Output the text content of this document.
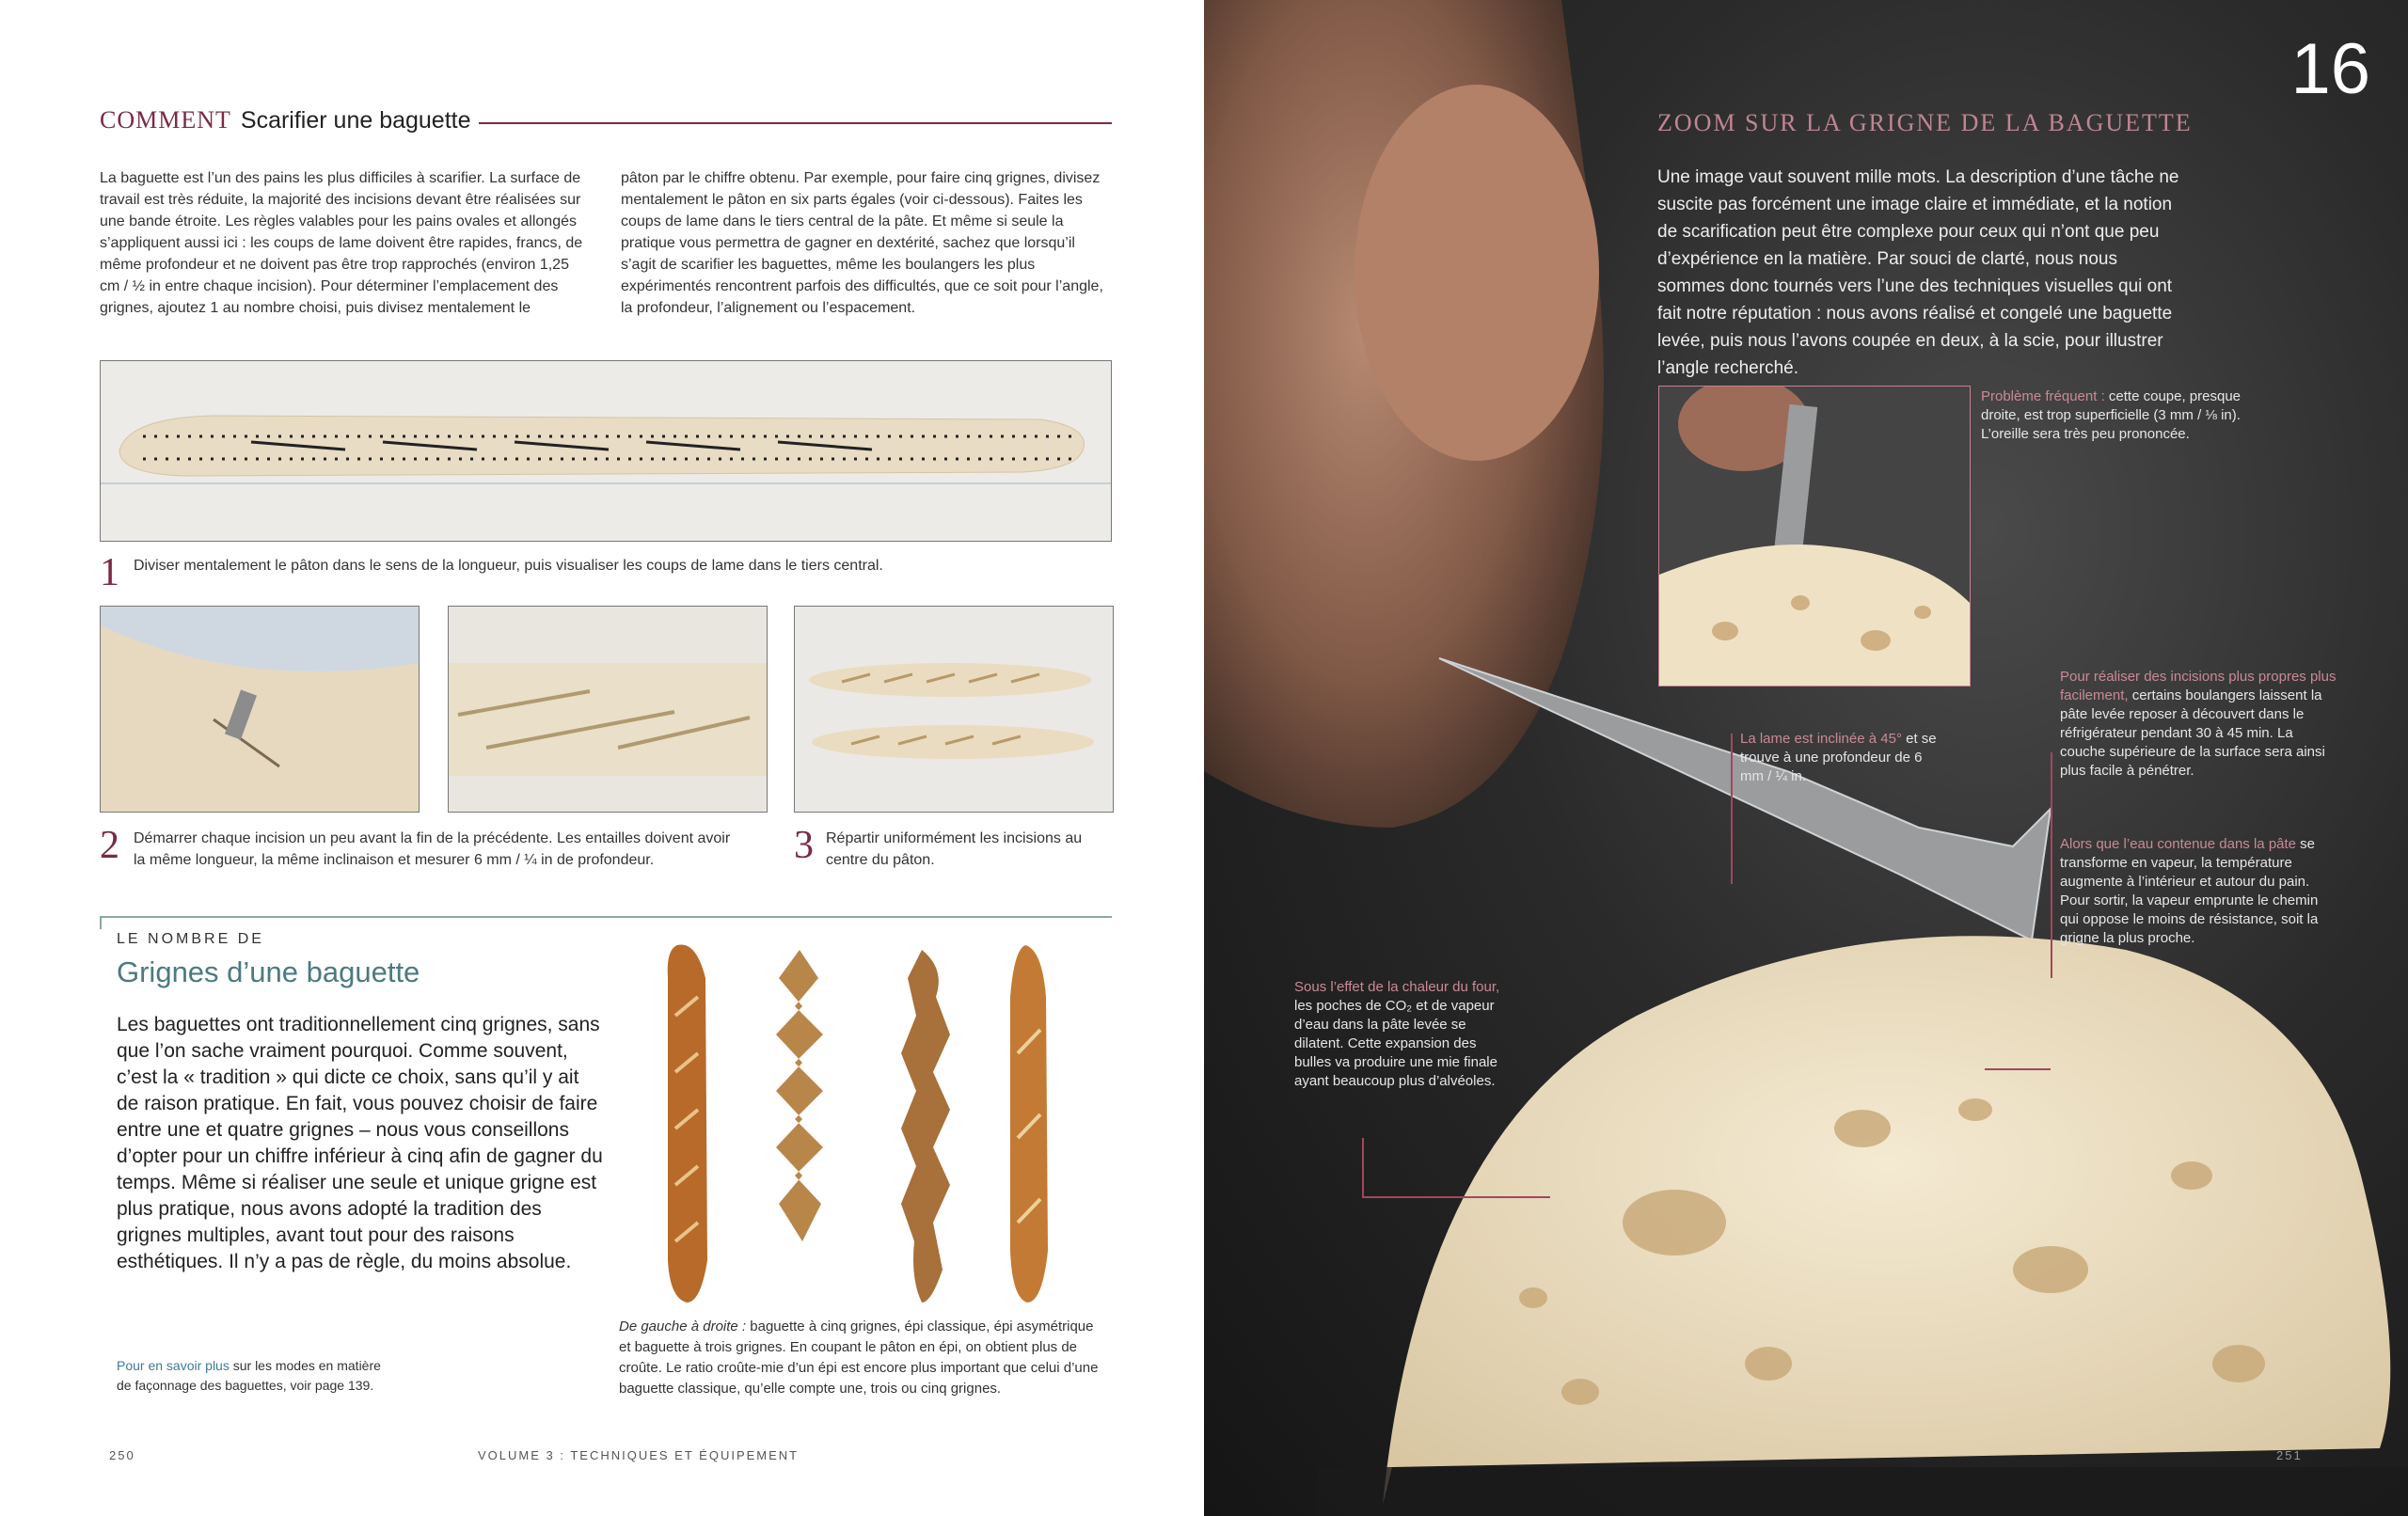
COMMENT Scarifier une baguette
La baguette est l’un des pains les plus difficiles à scarifier. La surface de travail est très réduite, la majorité des incisions devant être réalisées sur une bande étroite. Les règles valables pour les pains ovales et allongés s’appliquent aussi ici : les coups de lame doivent être rapides, francs, de même profondeur et ne doivent pas être trop rapprochés (environ 1,25 cm / ½ in entre chaque incision). Pour déterminer l’emplacement des grignes, ajoutez 1 au nombre choisi, puis divisez mentalement le
pâton par le chiffre obtenu. Par exemple, pour faire cinq grignes, divisez mentalement le pâton en six parts égales (voir ci-dessous). Faites les coups de lame dans le tiers central de la pâte. Et même si seule la pratique vous permettra de gagner en dextérité, sachez que lorsqu’il s’agit de scarifier les baguettes, même les boulangers les plus expérimentés rencontrent parfois des difficultés, que ce soit pour l’angle, la profondeur, l’alignement ou l’espacement.
1 Diviser mentalement le pâton dans le sens de la longueur, puis visualiser les coups de lame dans le tiers central.
2 Démarrer chaque incision un peu avant la fin de la précédente. Les entailles doivent avoir la même longueur, la même inclinaison et mesurer 6 mm / ¼ in de profondeur.	3 Répartir uniformément les incisions au centre du pâton.
LE NOMBRE DE
Grignes d’une baguette
Les baguettes ont traditionnellement cinq grignes, sans que l’on sache vraiment pourquoi. Comme souvent, c’est la « tradition » qui dicte ce choix, sans qu’il y ait de raison pratique. En fait, vous pouvez choisir de faire entre une et quatre grignes – nous vous conseillons d’opter pour un chiffre inférieur à cinq afin de gagner du temps. Même si réaliser une seule et unique grigne est plus pratique, nous avons adopté la tradition des grignes multiples, avant tout pour des raisons esthétiques. Il n’y a pas de règle, du moins absolue.
De gauche à droite : baguette à cinq grignes, épi classique, épi asymétrique et baguette à trois grignes. En coupant le pâton en épi, on obtient plus de croûte. Le ratio croûte-mie d’un épi est encore plus important que celui d’une baguette classique, qu’elle compte une, trois ou cinq grignes.
Pour en savoir plus sur les modes en matière de façonnage des baguettes, voir page 139.
250	VOLUME 3 : TECHNIQUES ET ÉQUIPEMENT
16
ZOOM SUR LA GRIGNE DE LA BAGUETTE
Une image vaut souvent mille mots. La description d’une tâche ne suscite pas forcément une image claire et immédiate, et la notion de scarification peut être complexe pour ceux qui n’ont que peu d’expérience en la matière. Par souci de clarté, nous nous sommes donc tournés vers l’une des techniques visuelles qui ont fait notre réputation : nous avons réalisé et congelé une baguette levée, puis nous l’avons coupée en deux, à la scie, pour illustrer l’angle recherché.
Problème fréquent : cette coupe, presque droite, est trop superficielle (3 mm / ⅛ in). L’oreille sera très peu prononcée.
La lame est inclinée à 45° et se trouve à une profondeur de 6 mm / ¼ in.
Pour réaliser des incisions plus propres plus facilement, certains boulangers laissent la pâte levée reposer à découvert dans le réfrigérateur pendant 30 à 45 min. La couche supérieure de la surface sera ainsi plus facile à pénétrer.
Alors que l’eau contenue dans la pâte se transforme en vapeur, la température augmente à l’intérieur et autour du pain. Pour sortir, la vapeur emprunte le chemin qui oppose le moins de résistance, soit la grigne la plus proche.
Sous l’effet de la chaleur du four, les poches de CO₂ et de vapeur d’eau dans la pâte levée se dilatent. Cette expansion des bulles va produire une mie finale ayant beaucoup plus d’alvéoles.
251
